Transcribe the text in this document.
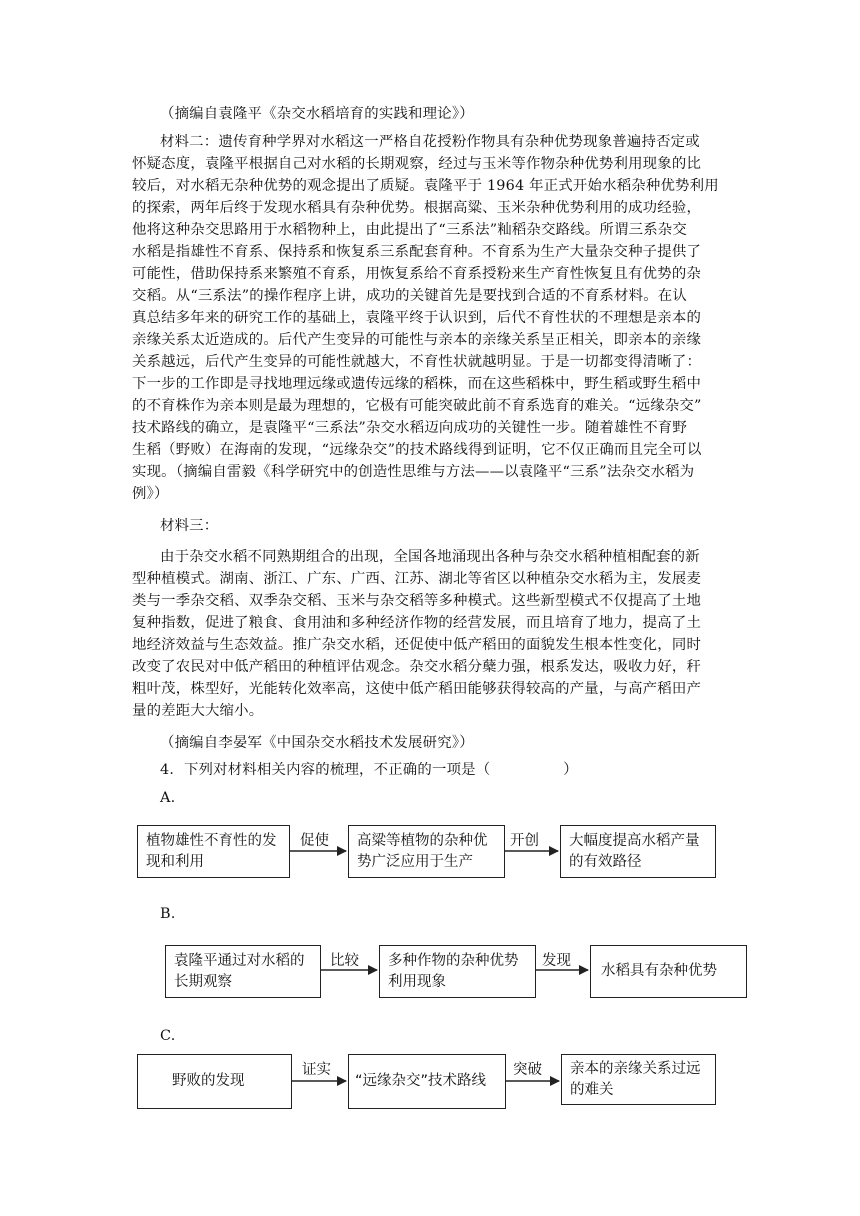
（摘编自袁隆平《杂交水稻培育的实践和理论》）
材料二：遗传育种学界对水稻这一严格自花授粉作物具有杂种优势现象普遍持否定或
怀疑态度，袁隆平根据自己对水稻的长期观察，经过与玉米等作物杂种优势利用现象的比
较后，对水稻无杂种优势的观念提出了质疑。袁隆平于 1964 年正式开始水稻杂种优势利用
的探索，两年后终于发现水稻具有杂种优势。根据高粱、玉米杂种优势利用的成功经验，
他将这种杂交思路用于水稻物种上，由此提出了“三系法”籼稻杂交路线。所谓三系杂交
水稻是指雄性不育系、保持系和恢复系三系配套育种。不育系为生产大量杂交种子提供了
可能性，借助保持系来繁殖不育系，用恢复系给不育系授粉来生产育性恢复且有优势的杂
交稻。从“三系法”的操作程序上讲，成功的关键首先是要找到合适的不育系材料。在认
真总结多年来的研究工作的基础上，袁隆平终于认识到，后代不育性状的不理想是亲本的
亲缘关系太近造成的。后代产生变异的可能性与亲本的亲缘关系呈正相关，即亲本的亲缘
关系越远，后代产生变异的可能性就越大，不育性状就越明显。于是一切都变得清晰了：
下一步的工作即是寻找地理远缘或遗传远缘的稻株，而在这些稻株中，野生稻或野生稻中
的不育株作为亲本则是最为理想的，它极有可能突破此前不育系选育的难关。“远缘杂交”
技术路线的确立，是袁隆平“三系法”杂交水稻迈向成功的关键性一步。随着雄性不育野
生稻（野败）在海南的发现，“远缘杂交”的技术路线得到证明，它不仅正确而且完全可以
实现。（摘编自雷毅《科学研究中的创造性思维与方法——以袁隆平“三系”法杂交水稻为
例》）
材料三：
由于杂交水稻不同熟期组合的出现，全国各地涌现出各种与杂交水稻种植相配套的新
型种植模式。湖南、浙江、广东、广西、江苏、湖北等省区以种植杂交水稻为主，发展麦
类与一季杂交稻、双季杂交稻、玉米与杂交稻等多种模式。这些新型模式不仅提高了土地
复种指数，促进了粮食、食用油和多种经济作物的经营发展，而且培育了地力，提高了土
地经济效益与生态效益。推广杂交水稻，还促使中低产稻田的面貌发生根本性变化，同时
改变了农民对中低产稻田的种植评估观念。杂交水稻分蘖力强，根系发达，吸收力好，秆
粗叶茂，株型好，光能转化效率高，这使中低产稻田能够获得较高的产量，与高产稻田产
量的差距大大缩小。
（摘编自李晏军《中国杂交水稻技术发展研究》）
4．下列对材料相关内容的梳理，不正确的一项是（　　　　　）
A.
B.
C.
植物雄性不育性的发
现和利用
促使 高粱等植物的杂种优
势广泛应用于生产
开创 大幅度提高水稻产量
的有效路径
袁隆平通过对水稻的
长期观察
比较 多种作物的杂种优势
利用现象
发现
水稻具有杂种优势
野败的发现
证实
“远缘杂交”技术路线
突破 亲本的亲缘关系过远
的难关
